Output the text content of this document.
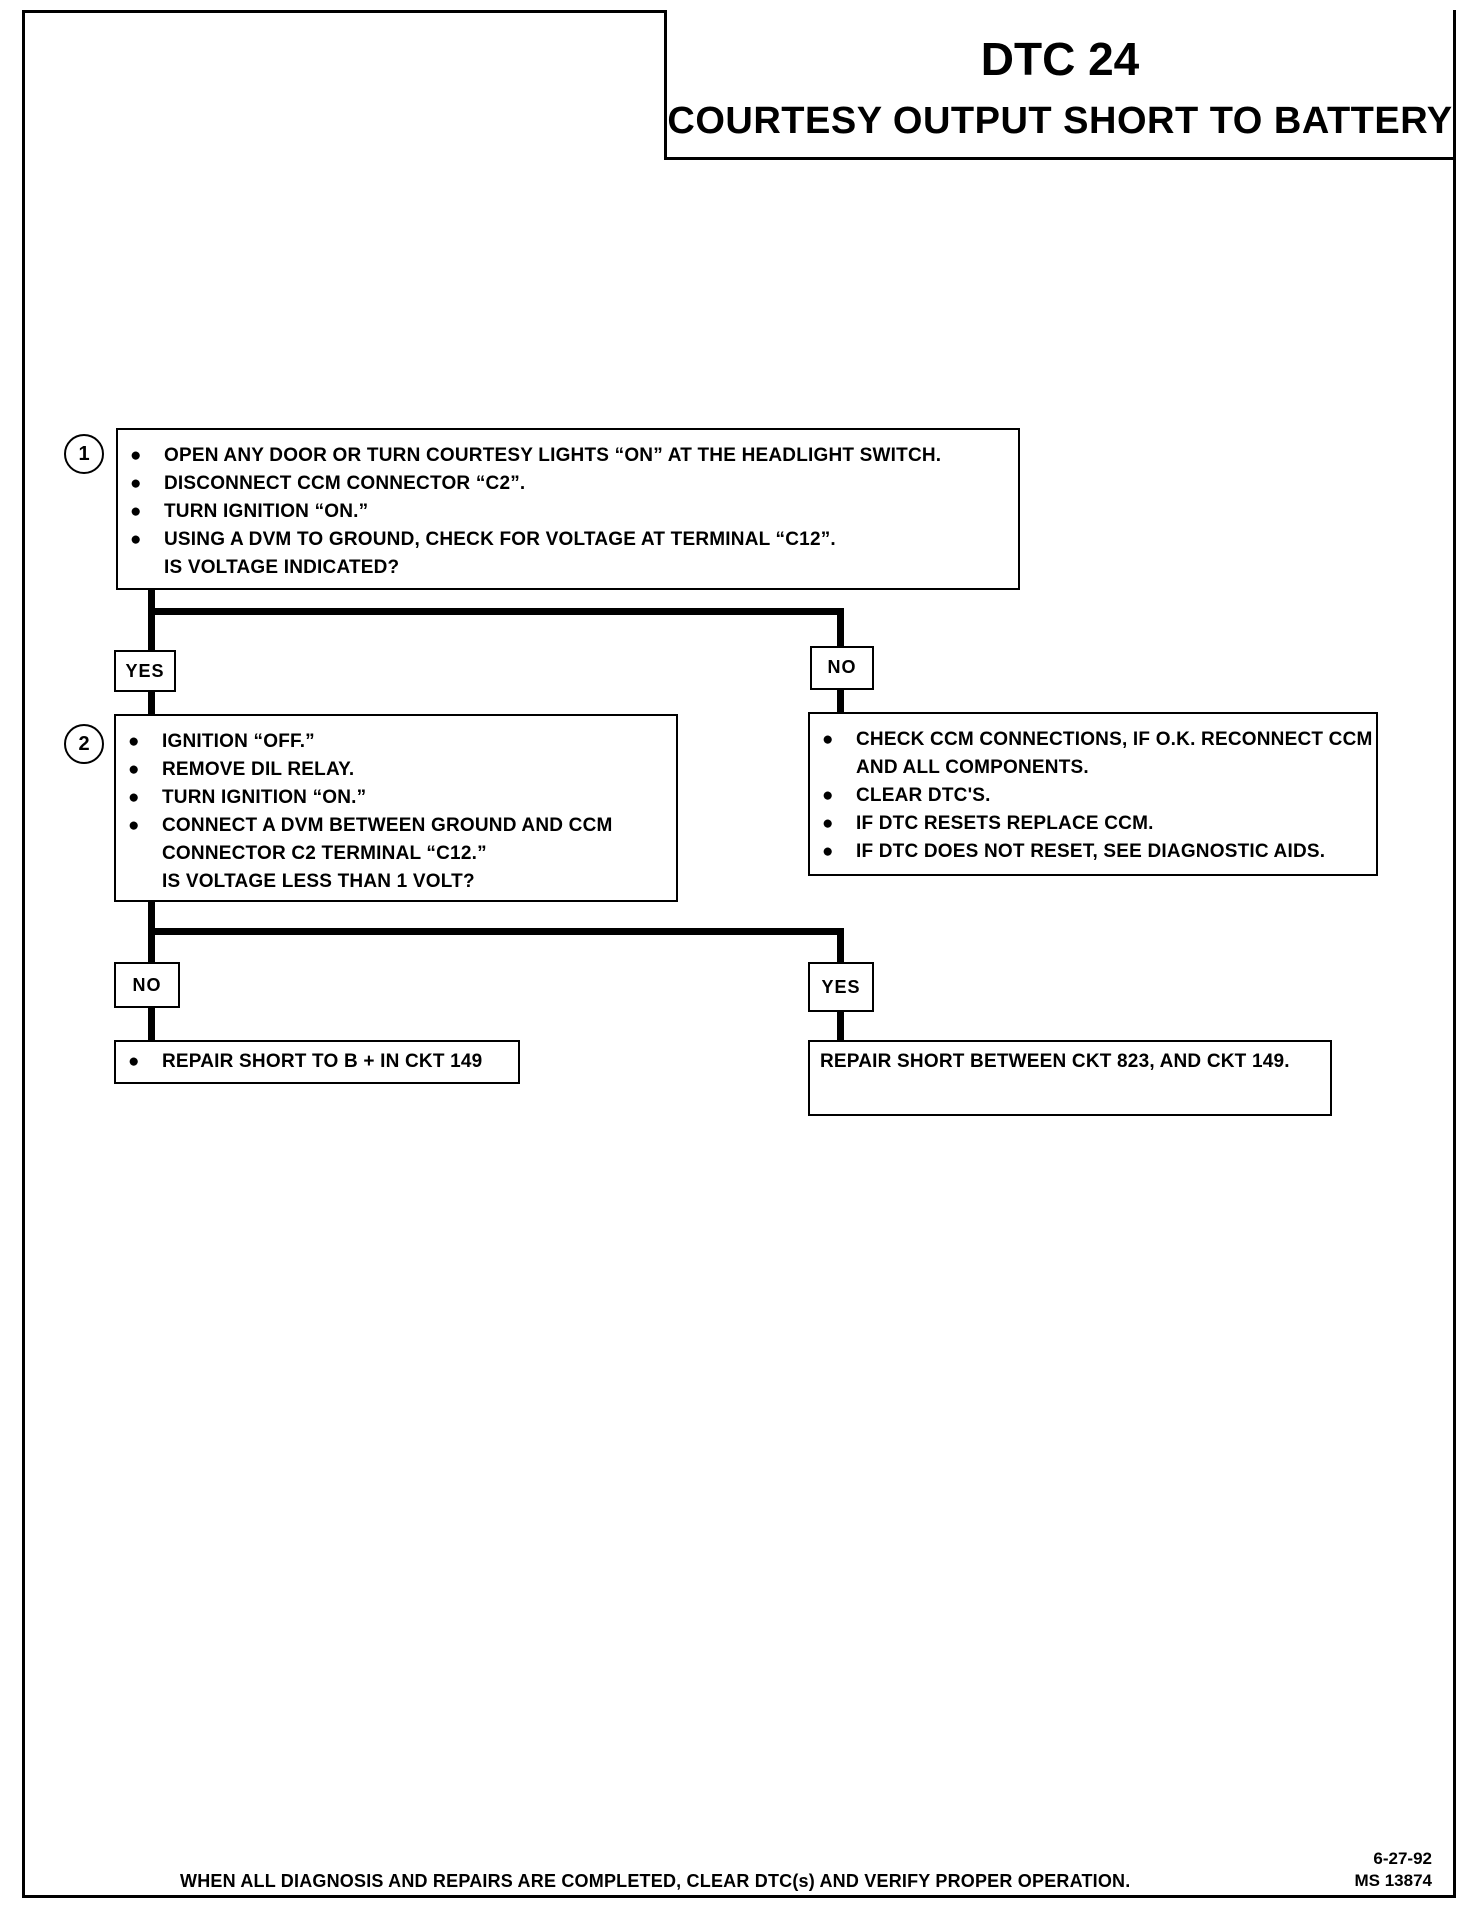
DTC 24
COURTESY OUTPUT SHORT TO BATTERY
1	● OPEN ANY DOOR OR TURN COURTESY LIGHTS “ON” AT THE HEADLIGHT SWITCH.
● DISCONNECT CCM CONNECTOR “C2”.
● TURN IGNITION “ON.”
● USING A DVM TO GROUND, CHECK FOR VOLTAGE AT TERMINAL “C12”.
IS VOLTAGE INDICATED?
YES	NO
2	● IGNITION “OFF.”
● REMOVE DIL RELAY.
● TURN IGNITION “ON.”
● CONNECT A DVM BETWEEN GROUND AND CCM CONNECTOR C2 TERMINAL “C12.”
IS VOLTAGE LESS THAN 1 VOLT?
● CHECK CCM CONNECTIONS, IF O.K. RECONNECT CCM AND ALL COMPONENTS.
● CLEAR DTC'S.
● IF DTC RESETS REPLACE CCM.
● IF DTC DOES NOT RESET, SEE DIAGNOSTIC AIDS.
NO	YES
● REPAIR SHORT TO B + IN CKT 149	REPAIR SHORT BETWEEN CKT 823, AND CKT 149.
WHEN ALL DIAGNOSIS AND REPAIRS ARE COMPLETED, CLEAR DTC(s) AND VERIFY PROPER OPERATION.
6-27-92
MS 13874
